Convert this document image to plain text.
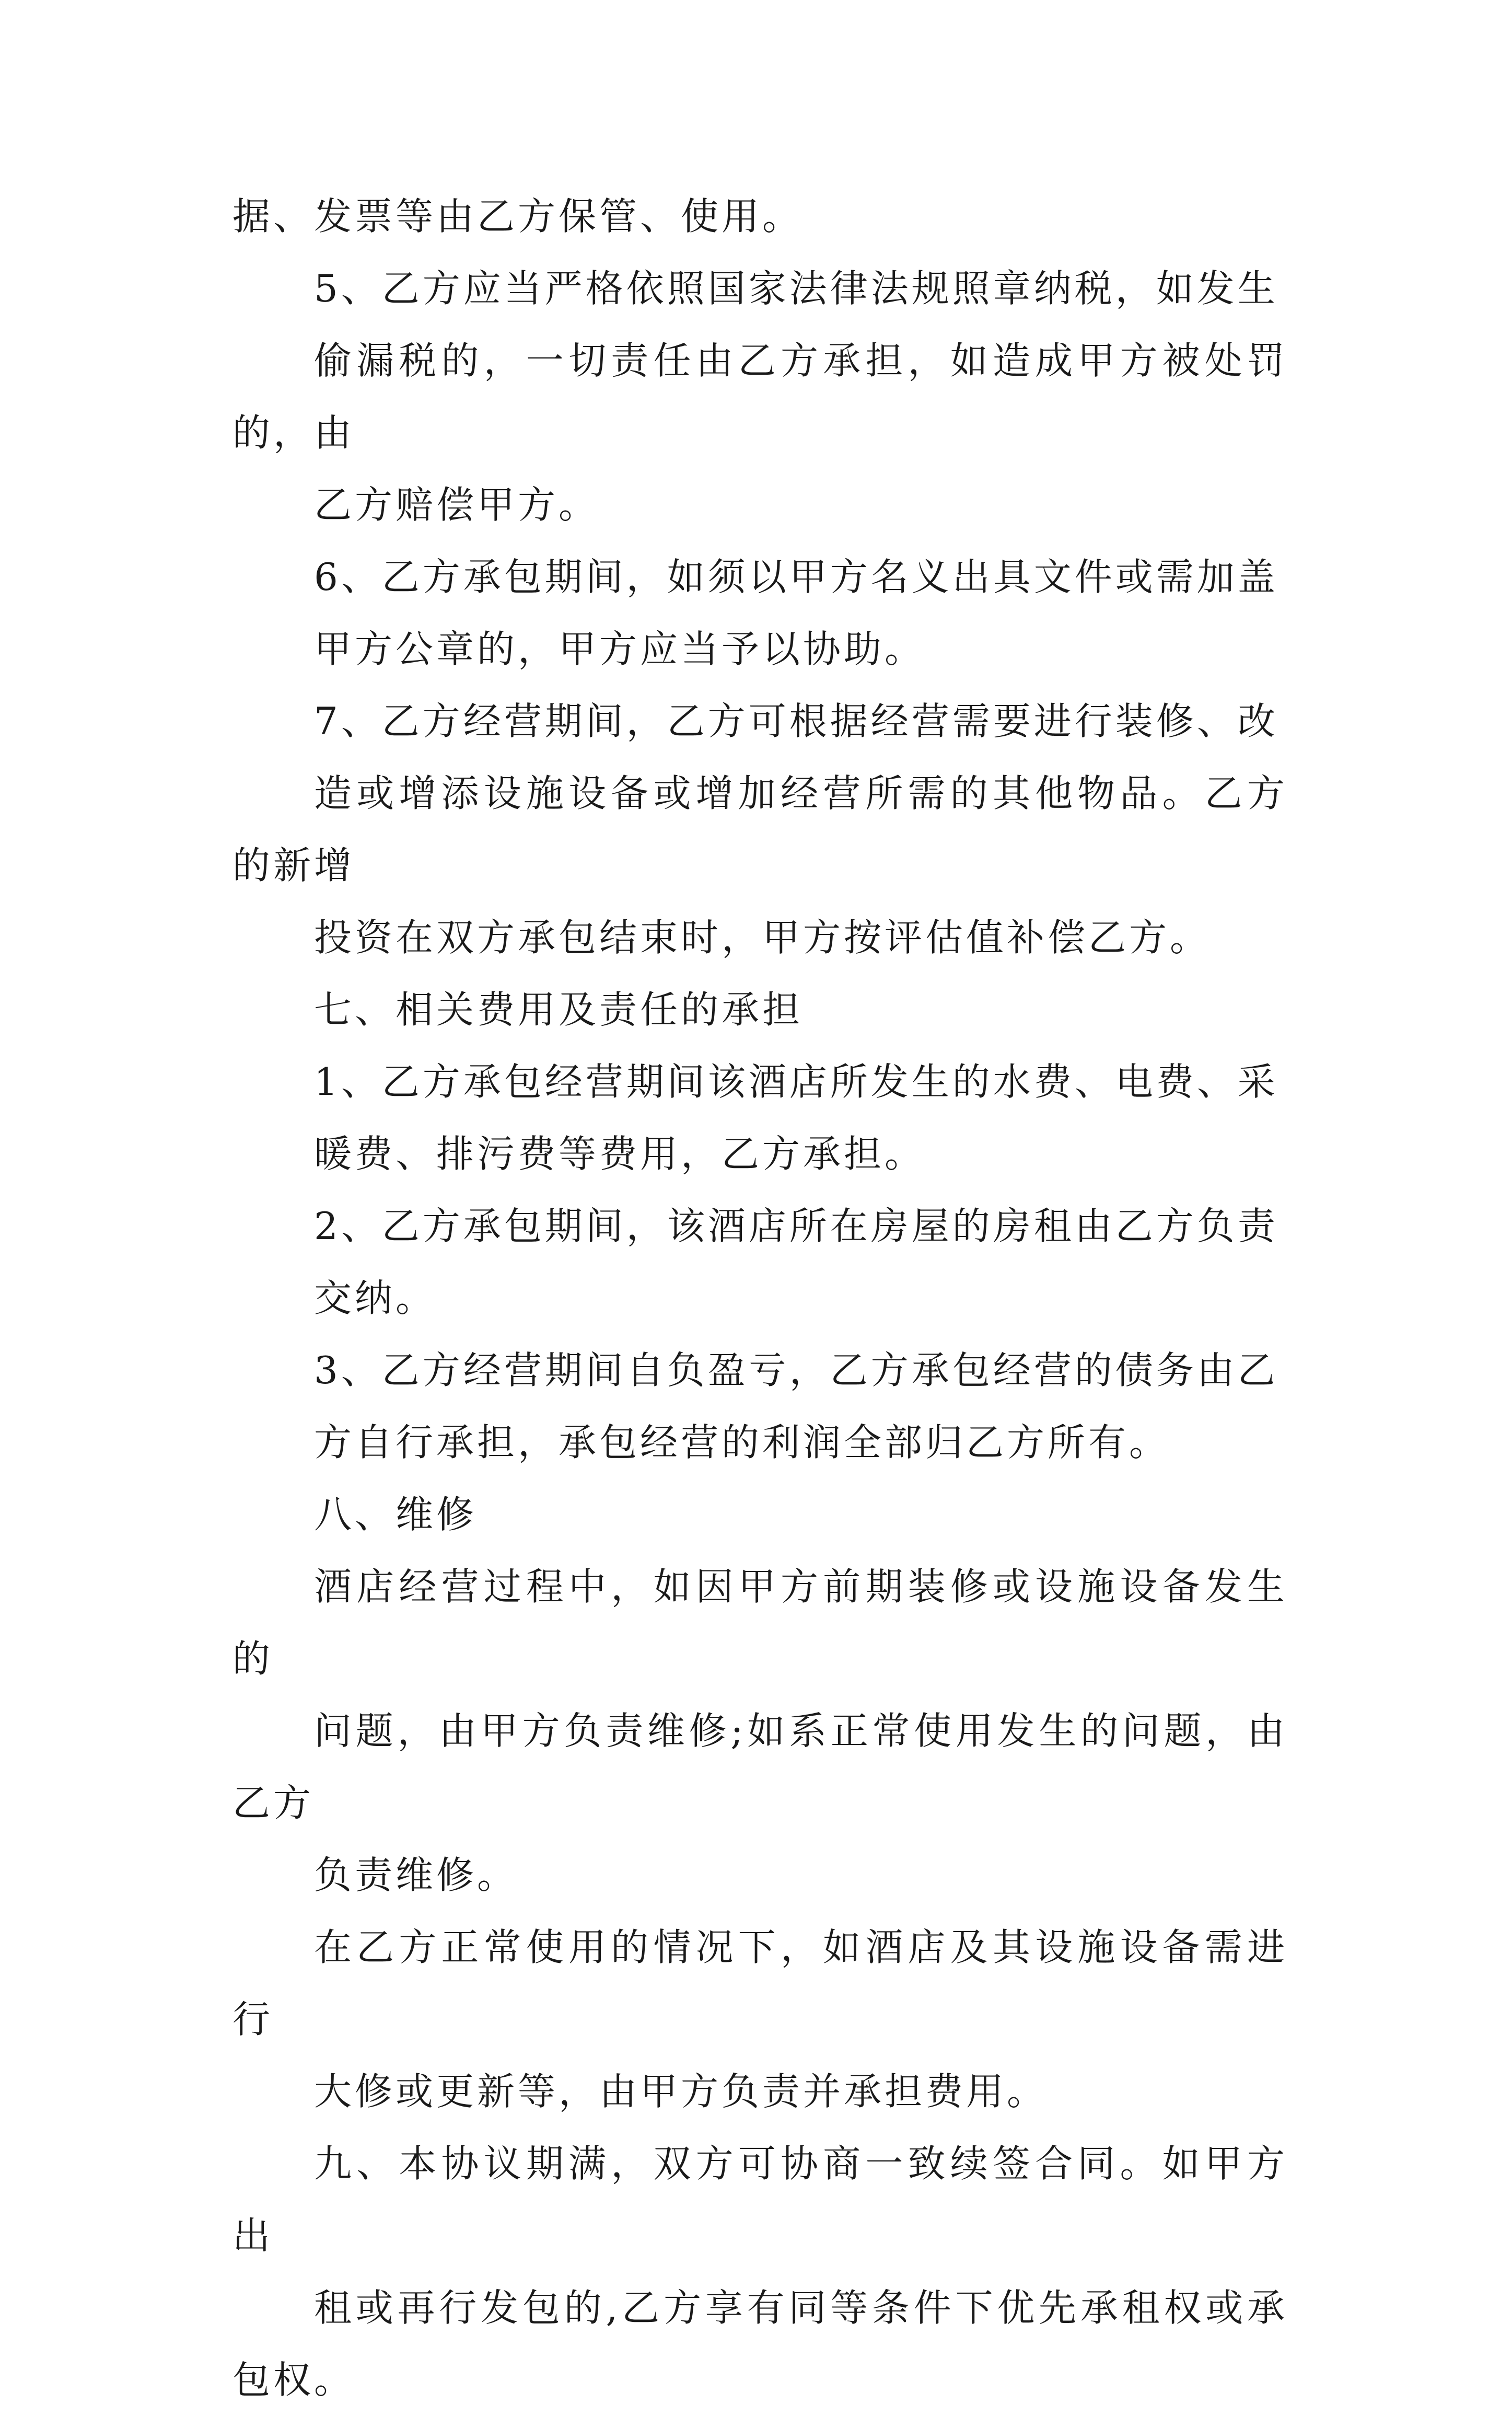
据、发票等由乙方保管、使用。

5、乙方应当严格依照国家法律法规照章纳税，如发生
偷漏税的，一切责任由乙方承担，如造成甲方被处罚的，由
乙方赔偿甲方。

6、乙方承包期间，如须以甲方名义出具文件或需加盖
甲方公章的，甲方应当予以协助。

7、乙方经营期间，乙方可根据经营需要进行装修、改
造或增添设施设备或增加经营所需的其他物品。乙方的新增
投资在双方承包结束时，甲方按评估值补偿乙方。

七、相关费用及责任的承担

1、乙方承包经营期间该酒店所发生的水费、电费、采
暖费、排污费等费用，乙方承担。

2、乙方承包期间，该酒店所在房屋的房租由乙方负责
交纳。

3、乙方经营期间自负盈亏，乙方承包经营的债务由乙
方自行承担，承包经营的利润全部归乙方所有。

八、维修

酒店经营过程中，如因甲方前期装修或设施设备发生的
问题，由甲方负责维修;如系正常使用发生的问题，由乙方
负责维修。

在乙方正常使用的情况下，如酒店及其设施设备需进行
大修或更新等，由甲方负责并承担费用。

九、本协议期满，双方可协商一致续签合同。如甲方出
租或再行发包的,乙方享有同等条件下优先承租权或承包权。
